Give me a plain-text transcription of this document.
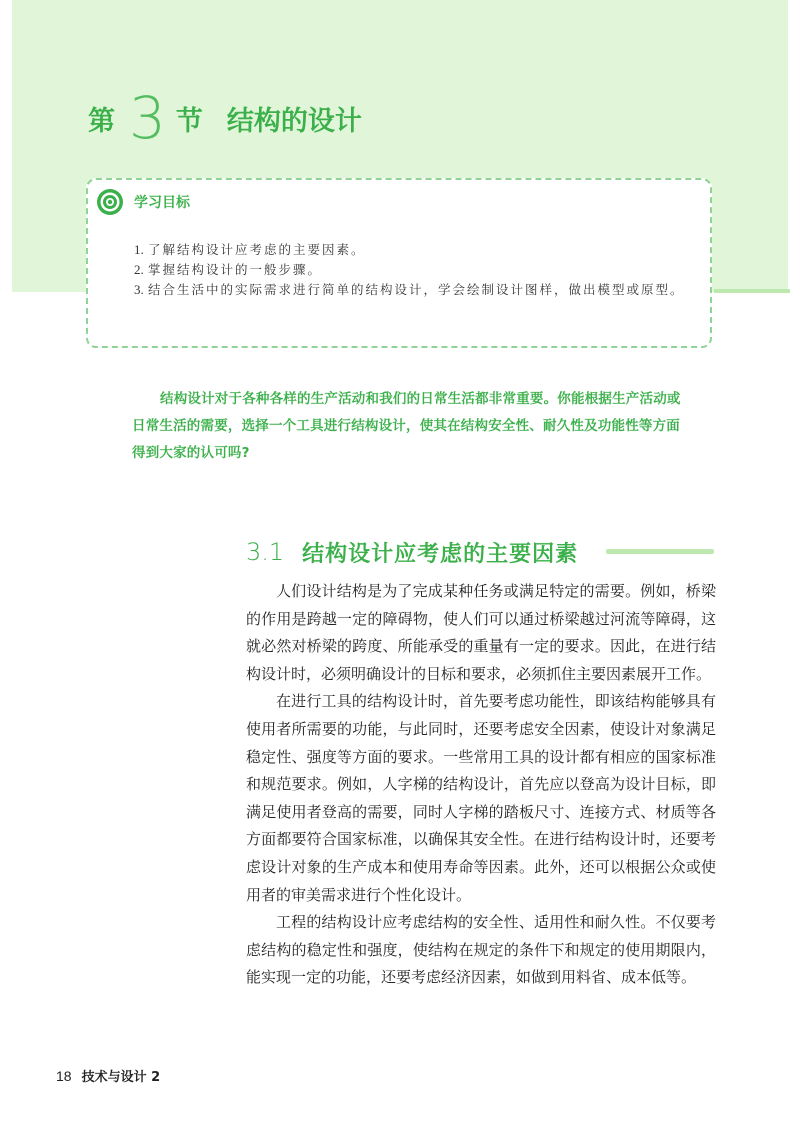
第 3 节 结构的设计
学习目标
1. 了解结构设计应考虑的主要因素。
2. 掌握结构设计的一般步骤。
3. 结合生活中的实际需求进行简单的结构设计，学会绘制设计图样，做出模型或原型。
结构设计对于各种各样的生产活动和我们的日常生活都非常重要。你能根据生产活动或日常生活的需要，选择一个工具进行结构设计，使其在结构安全性、耐久性及功能性等方面得到大家的认可吗?
3.1 结构设计应考虑的主要因素

人们设计结构是为了完成某种任务或满足特定的需要。例如，桥梁的作用是跨越一定的障碍物，使人们可以通过桥梁越过河流等障碍，这就必然对桥梁的跨度、所能承受的重量有一定的要求。因此，在进行结构设计时，必须明确设计的目标和要求，必须抓住主要因素展开工作。

在进行工具的结构设计时，首先要考虑功能性，即该结构能够具有使用者所需要的功能，与此同时，还要考虑安全因素，使设计对象满足稳定性、强度等方面的要求。一些常用工具的设计都有相应的国家标准和规范要求。例如，人字梯的结构设计，首先应以登高为设计目标，即满足使用者登高的需要，同时人字梯的踏板尺寸、连接方式、材质等各方面都要符合国家标准，以确保其安全性。在进行结构设计时，还要考虑设计对象的生产成本和使用寿命等因素。此外，还可以根据公众或使用者的审美需求进行个性化设计。

工程的结构设计应考虑结构的安全性、适用性和耐久性。不仅要考虑结构的稳定性和强度，使结构在规定的条件下和规定的使用期限内，能实现一定的功能，还要考虑经济因素，如做到用料省、成本低等。

18 技术与设计 2
